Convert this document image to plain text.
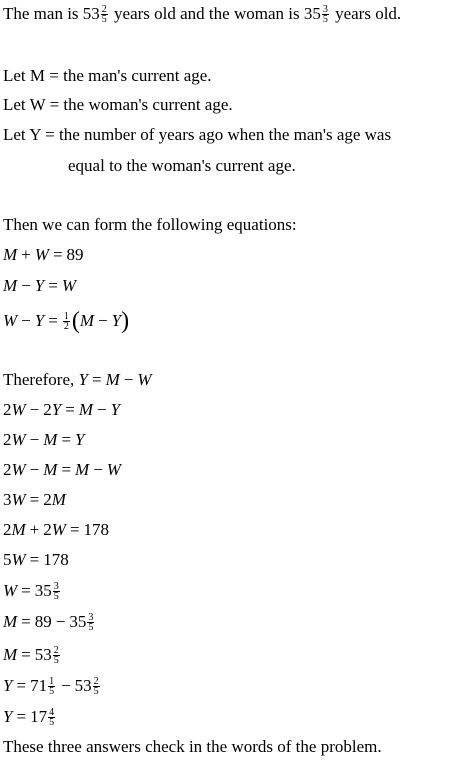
The man is $53 \frac{2}{5}$ years old and the woman is $35 \frac{3}{5}$ years old.
Let M = the man's current age.
Let W = the woman's current age.
Let Y = the number of years ago when the man's age was
equal to the woman's current age.
Then we can form the following equations:
M + W = 89
M − Y = W
$W - Y = \frac{1}{2} (M - Y)$
Therefore, Y = M − W
2W − 2Y = M − Y
2W − M = Y
2W − M = M − W
3W = 2M
2M + 2W = 178
5W = 178
$W = 35 \frac{3}{5}$
$M = 89 - 35 \frac{3}{5}$
$M = 53 \frac{2}{5}$
$Y = 71 \frac{1}{5} - 53 \frac{2}{5}$
$Y = 17 \frac{4}{5}$
These three answers check in the words of the problem.
